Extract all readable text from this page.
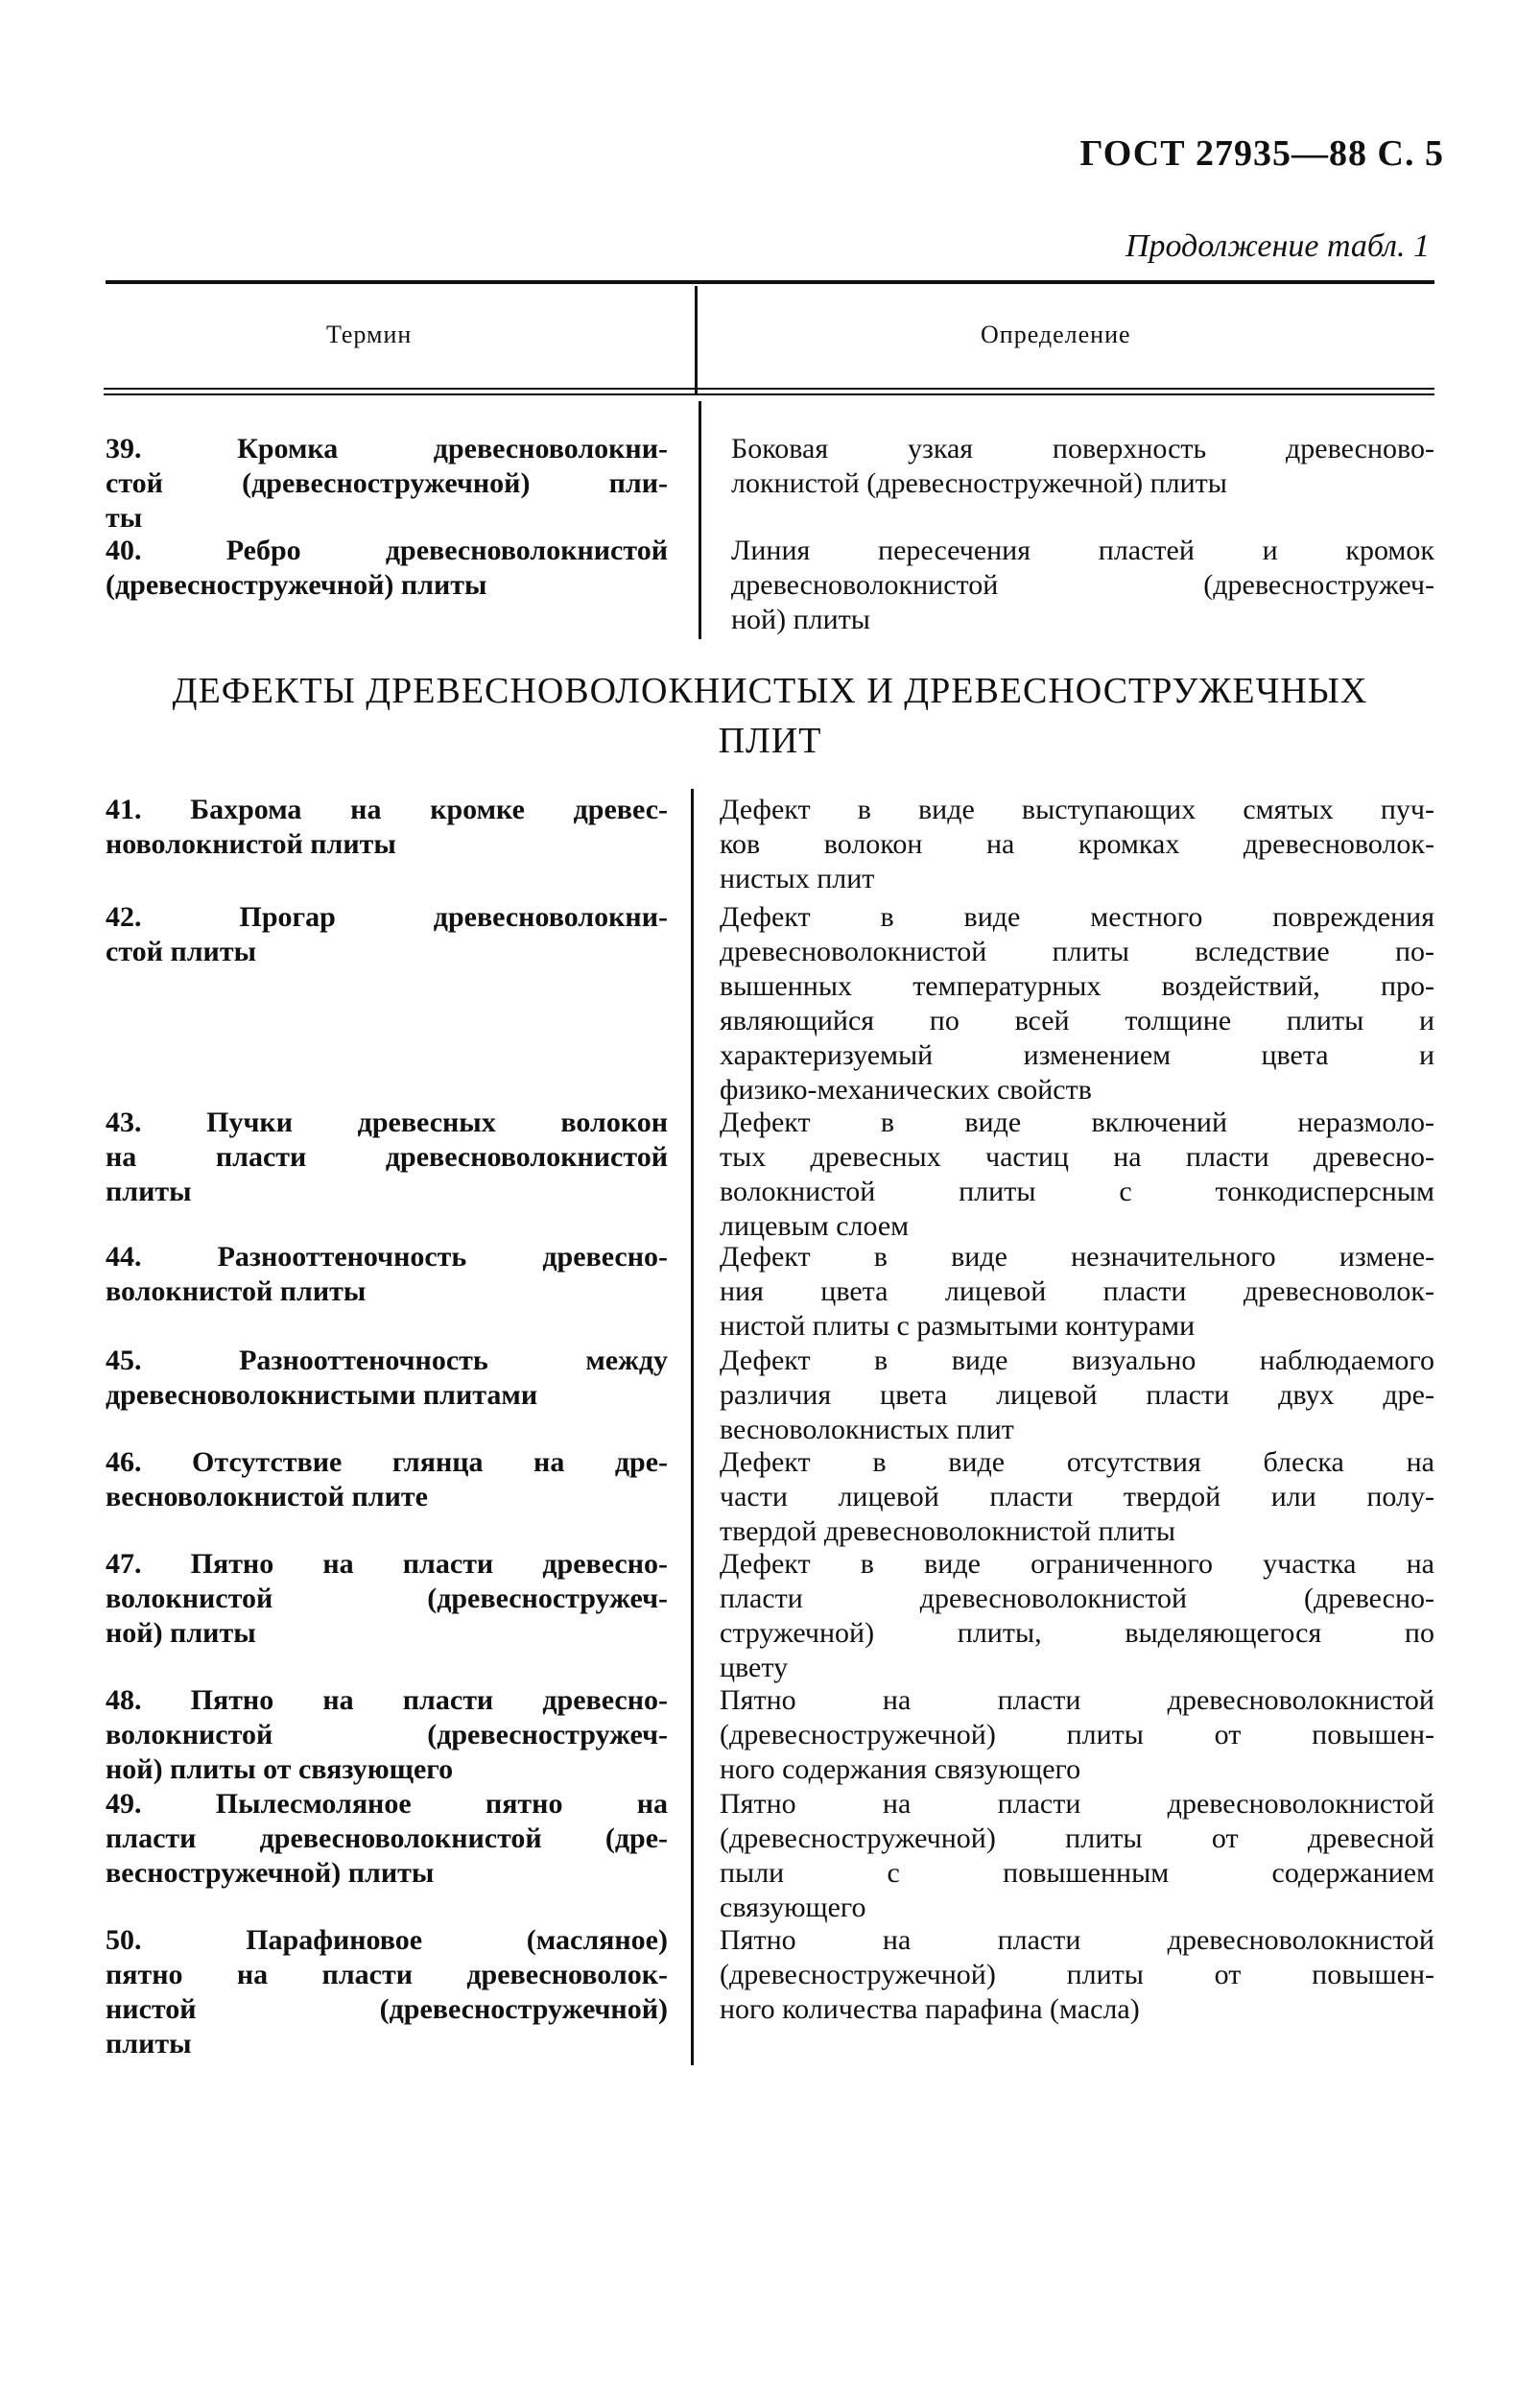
ГОСТ 27935—88 С. 5
Продолжение табл. 1
Термин	Определение
39. Кромка древесноволокни-
стой (древесностружечной) пли-
ты
Боковая узкая поверхность древесново-
локнистой (древесностружечной) плиты
40. Ребро древесноволокнистой
(древесностружечной) плиты
Линия пересечения пластей и кромок
древесноволокнистой (древесностружеч-
ной) плиты
ДЕФЕКТЫ ДРЕВЕСНОВОЛОКНИСТЫХ И ДРЕВЕСНОСТРУЖЕЧНЫХ
ПЛИТ
41. Бахрома на кромке древес-
новолокнистой плиты
Дефект в виде выступающих смятых пуч-
ков волокон на кромках древесноволок-
нистых плит
42. Прогар древесноволокни-
стой плиты
Дефект в виде местного повреждения
древесноволокнистой плиты вследствие по-
вышенных температурных воздействий, про-
являющийся по всей толщине плиты и
характеризуемый изменением цвета и
физико-механических свойств
43. Пучки древесных волокон
на пласти древесноволокнистой
плиты
Дефект в виде включений неразмоло-
тых древесных частиц на пласти древесно-
волокнистой плиты с тонкодисперсным
лицевым слоем
44. Разнооттеночность древесно-
волокнистой плиты
Дефект в виде незначительного измене-
ния цвета лицевой пласти древесноволок-
нистой плиты с размытыми контурами
45. Разнооттеночность между
древесноволокнистыми плитами
Дефект в виде визуально наблюдаемого
различия цвета лицевой пласти двух дре-
весноволокнистых плит
46. Отсутствие глянца на дре-
весноволокнистой плите
Дефект в виде отсутствия блеска на
части лицевой пласти твердой или полу-
твердой древесноволокнистой плиты
47. Пятно на пласти древесно-
волокнистой (древесностружеч-
ной) плиты
Дефект в виде ограниченного участка на
пласти древесноволокнистой (древесно-
стружечной) плиты, выделяющегося по
цвету
48. Пятно на пласти древесно-
волокнистой (древесностружеч-
ной) плиты от связующего
Пятно на пласти древесноволокнистой
(древесностружечной) плиты от повышен-
ного содержания связующего
49. Пылесмоляное пятно на
пласти древесноволокнистой (дре-
весностружечной) плиты
Пятно на пласти древесноволокнистой
(древесностружечной) плиты от древесной
пыли с повышенным содержанием
связующего
50. Парафиновое (масляное)
пятно на пласти древесноволок-
нистой (древесностружечной)
плиты
Пятно на пласти древесноволокнистой
(древесностружечной) плиты от повышен-
ного количества парафина (масла)
